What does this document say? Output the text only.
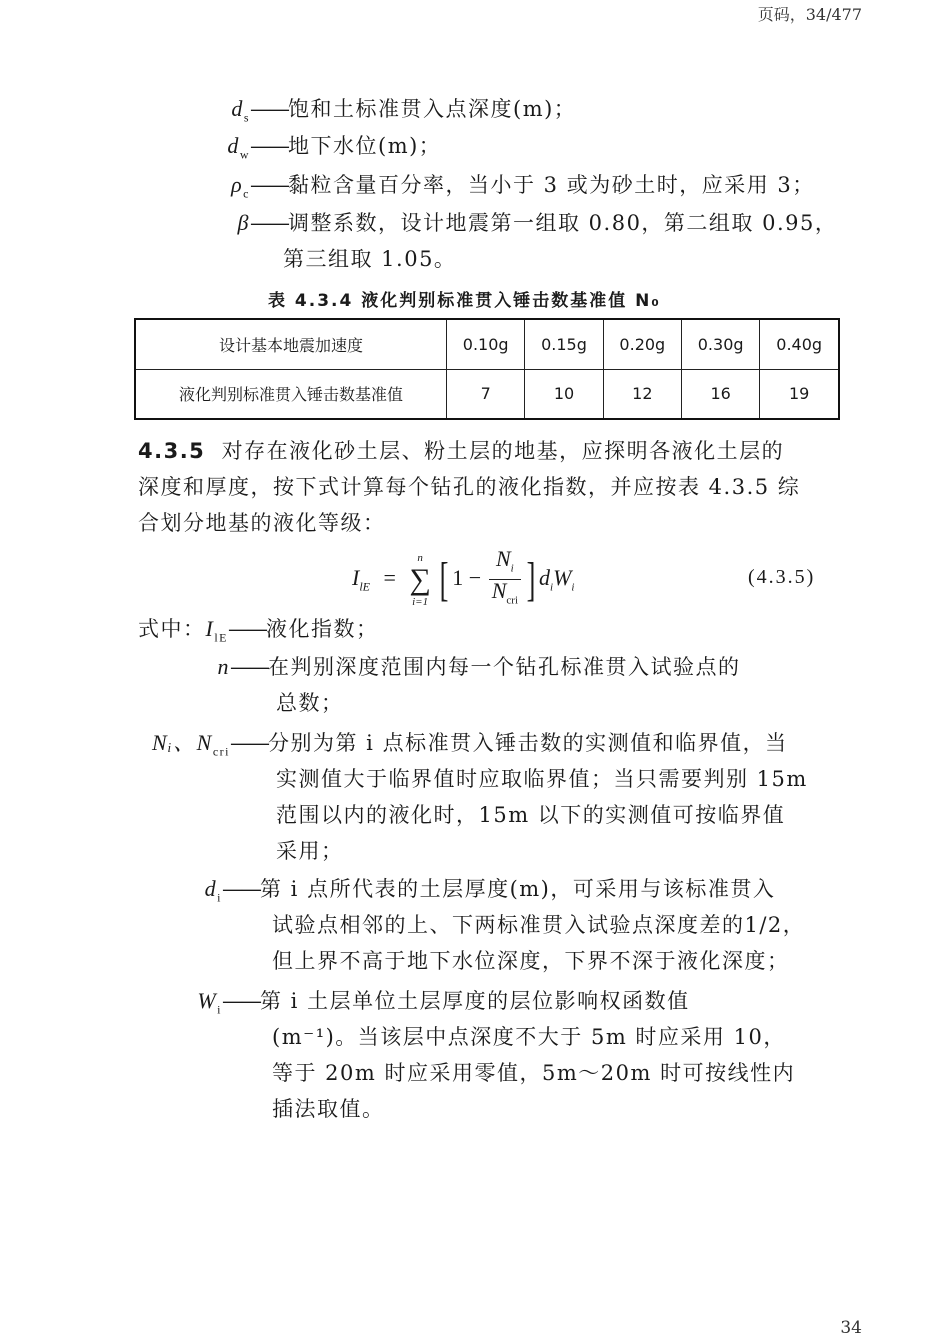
页码，34/477
$d_s——$饱和土标准贯入点深度(m)；
$d_w——$地下水位(m)；
$\rho_c——$黏粒含量百分率，当小于 3 或为砂土时，应采用 3；
β——调整系数，设计地震第一组取 0.80，第二组取 0.95，
第三组取 1.05。
表 4.3.4 液化判别标准贯入锤击数基准值 N₀
设计基本地震加速度	0.10g	0.15g	0.20g	0.30g	0.40g
液化判别标准贯入锤击数基准值	7	10	12	16	19
4.3.5 对存在液化砂土层、粉土层的地基，应探明各液化土层的
深度和厚度，按下式计算每个钻孔的液化指数，并应按表 4.3.5 综
合划分地基的液化等级：
$I_{lE}$ =
n
∑
i=1 [ 1 −
$N_i$
$N_{cri}$ ] $d_iW_i$	(4.3.5)
式中：$I_{lE}——$液化指数；
n——在判别深度范围内每一个钻孔标准贯入试验点的
总数；
Nᵢ、$N_{cri}——$分别为第 i 点标准贯入锤击数的实测值和临界值，当
实测值大于临界值时应取临界值；当只需要判别 15m
范围以内的液化时，15m 以下的实测值可按临界值
采用；
$d_i——$第 i 点所代表的土层厚度(m)，可采用与该标准贯入
试验点相邻的上、下两标准贯入试验点深度差的1/2，
但上界不高于地下水位深度，下界不深于液化深度；
$W_i——$第 i 土层单位土层厚度的层位影响权函数值
(m⁻¹)。当该层中点深度不大于 5m 时应采用 10，
等于 20m 时应采用零值，5m～20m 时可按线性内
插法取值。
34
